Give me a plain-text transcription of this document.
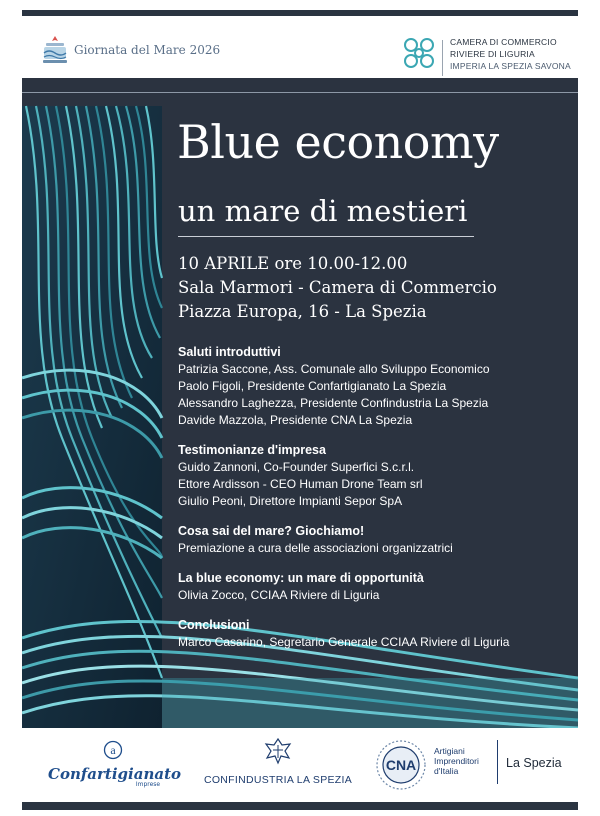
Giornata del Mare 2026
CAMERA DI COMMERCIO
RIVIERE DI LIGURIA
IMPERIA LA SPEZIA SAVONA
Blue economy
un mare di mestieri
10 APRILE ore 10.00-12.00
Sala Marmori - Camera di Commercio
Piazza Europa, 16 - La Spezia
Saluti introduttivi

Patrizia Saccone, Ass. Comunale allo Sviluppo Economico

Paolo Figoli, Presidente Confartigianato La Spezia

Alessandro Laghezza, Presidente Confindustria La Spezia

Davide Mazzola, Presidente CNA La Spezia

Testimonianze d'impresa

Guido Zannoni, Co-Founder Superfici S.c.r.l.

Ettore Ardisson - CEO Human Drone Team srl

Giulio Peoni, Direttore Impianti Sepor SpA

Cosa sai del mare? Giochiamo!

Premiazione a cura delle associazioni organizzatrici

La blue economy: un mare di opportunità

Olivia Zocco, CCIAA Riviere di Liguria

Conclusioni

Marco Casarino, Segretario Generale CCIAA Riviere di Liguria

a
Confartigianato
Imprese	CONFINDUSTRIA LA SPEZIA
CNA
Artigiani
Imprenditori
d'Italia
La Spezia
